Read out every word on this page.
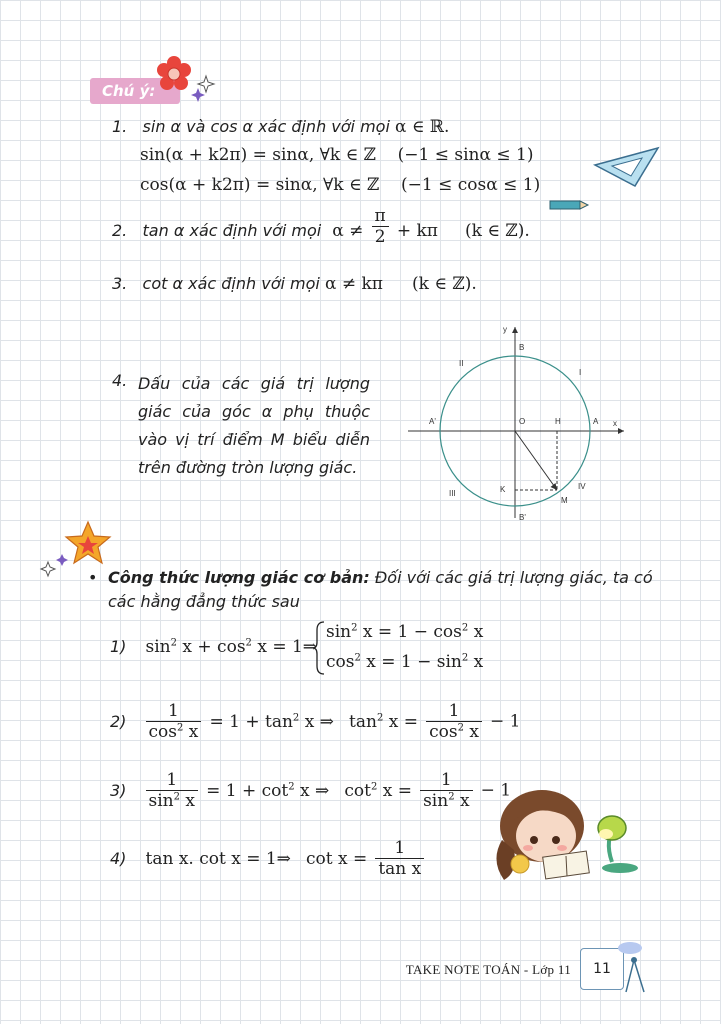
Chú ý:
1. sin α và cos α xác định với mọi α ∈ ℝ.
sin(α + k2π) = sinα, ∀k ∈ ℤ (−1 ≤ sinα ≤ 1)
cos(α + k2π) = sinα, ∀k ∈ ℤ (−1 ≤ cosα ≤ 1)
2. tan α xác định với mọi $\alpha \ne \frac{\pi}{2} + k\pi$ (k ∈ ℤ).
3. cot α xác định với mọi α ≠ kπ (k ∈ ℤ).
4. Dấu của các giá trị lượng giác của góc α phụ thuộc vào vị trí điểm M biểu diễn trên đường tròn lượng giác.
y
x
B
B'
A
A'	O	H
K
M
I
II
III
IV
• Công thức lượng giác cơ bản: Đối với các giá trị lượng giác, ta có các hằng đẳng thức sau
1) $\sin^2 x + \cos^2 x$ = 1⇒
$\sin^2 x = 1 - \cos^2 x$
$\cos^2 x = 1 - \sin^2 x$
$2) \frac{1}{\cos^2 x} = 1 + \tan^2 x$ ⇒ $\tan^2 x = \frac{1}{\cos^2 x} - 1$
$3) \frac{1}{\sin^2 x} = 1 + \cot^2 x$ ⇒ $\cot^2 x = \frac{1}{\sin^2 x} - 1$
4) tan x. cot x = 1⇒ $\cot x = \frac{1}{\text{tan x}}$
TAKE NOTE TOÁN - Lớp 11	11
